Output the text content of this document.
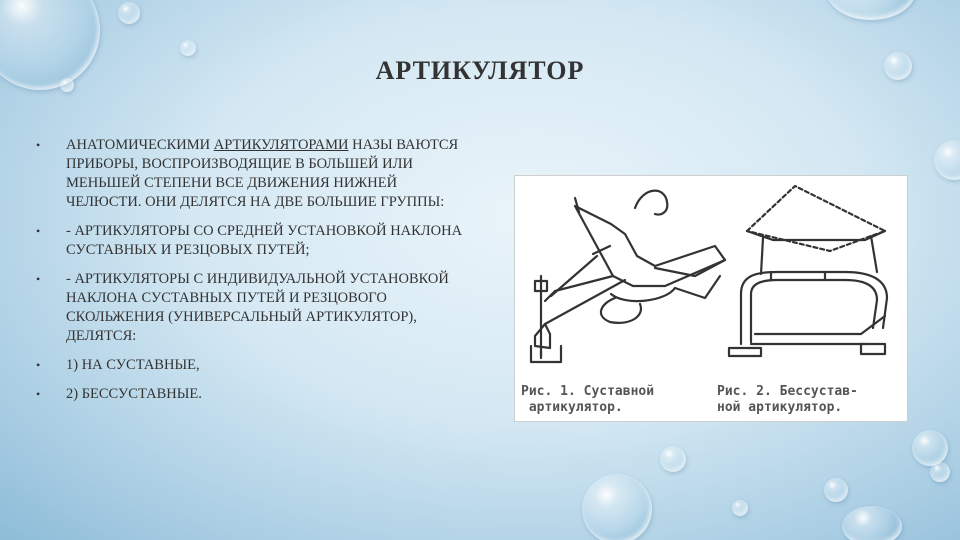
АРТИКУЛЯТОР
•	АНАТОМИЧЕСКИМИ АРТИКУЛЯТОРАМИ НАЗЫ ВАЮТСЯ ПРИБОРЫ, ВОСПРОИЗВОДЯЩИЕ В БОЛЬШЕЙ ИЛИ МЕНЬШЕЙ СТЕПЕНИ ВСЕ ДВИЖЕНИЯ НИЖНЕЙ ЧЕЛЮСТИ. ОНИ ДЕЛЯТСЯ НА ДВЕ БОЛЬШИЕ ГРУППЫ:
•	- АРТИКУЛЯТОРЫ СО СРЕДНЕЙ УСТАНОВКОЙ НАКЛОНА СУСТАВНЫХ И РЕЗЦОВЫХ ПУТЕЙ;
•	- АРТИКУЛЯТОРЫ С ИНДИВИДУАЛЬНОЙ УСТАНОВКОЙ НАКЛОНА СУСТАВНЫХ ПУТЕЙ И РЕЗЦОВОГО СКОЛЬЖЕНИЯ (УНИВЕРСАЛЬНЫЙ АРТИКУЛЯТОР), ДЕЛЯТСЯ:
•	1) НА СУСТАВНЫЕ,
•	2) БЕССУСТАВНЫЕ.	Рис. 1. Суставной
артикулятор.
Рис. 2. Бессустав-
ной артикулятор.
